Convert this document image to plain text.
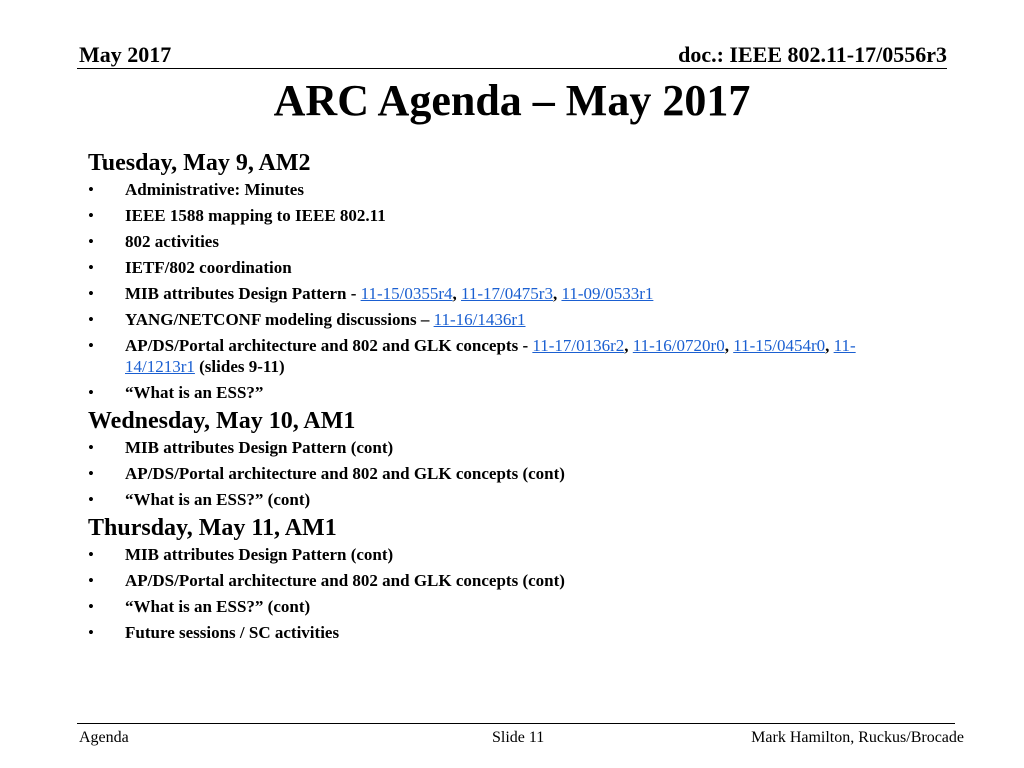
May 2017	doc.: IEEE 802.11-17/0556r3
ARC Agenda – May 2017
Tuesday, May 9, AM2
• Administrative: Minutes
• IEEE 1588 mapping to IEEE 802.11
• 802 activities
• IETF/802 coordination
• MIB attributes Design Pattern - 11-15/0355r4, 11-17/0475r3, 11-09/0533r1
• YANG/NETCONF modeling discussions – 11-16/1436r1
• AP/DS/Portal architecture and 802 and GLK concepts - 11-17/0136r2, 11-16/0720r0, 11-15/0454r0, 11-14/1213r1 (slides 9-11)
• “What is an ESS?”
Wednesday, May 10, AM1
• MIB attributes Design Pattern (cont)
• AP/DS/Portal architecture and 802 and GLK concepts (cont)
• “What is an ESS?” (cont)
Thursday, May 11, AM1
• MIB attributes Design Pattern (cont)
• AP/DS/Portal architecture and 802 and GLK concepts (cont)
• “What is an ESS?” (cont)
• Future sessions / SC activities
Agenda	Slide 11	Mark Hamilton, Ruckus/Brocade
